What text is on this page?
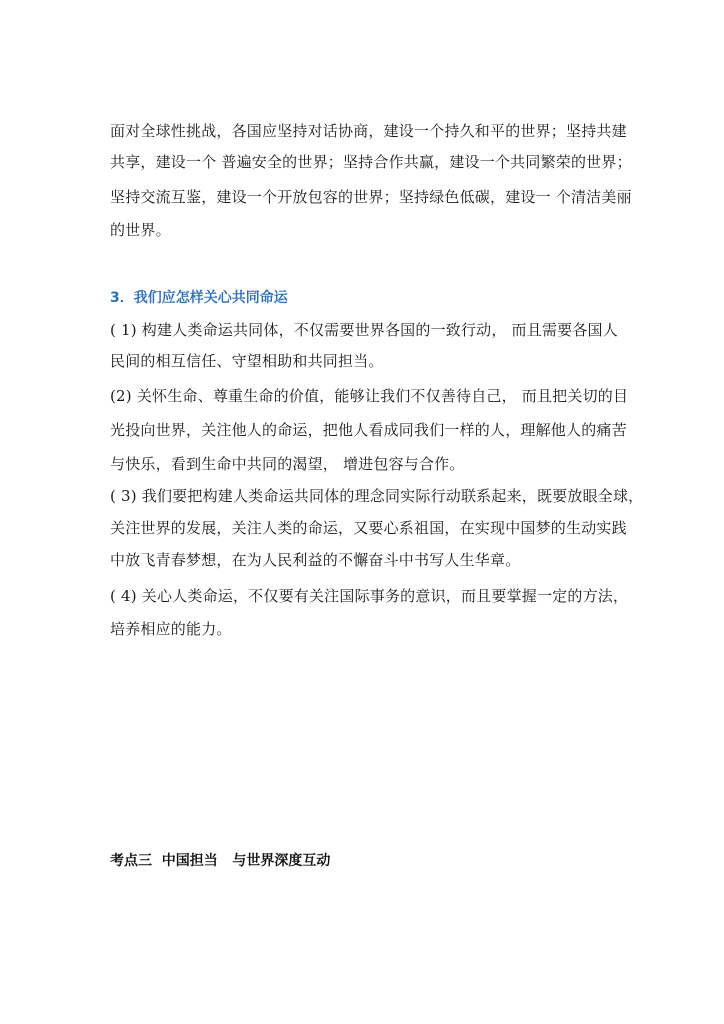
面对全球性挑战，各国应坚持对话协商，建设一个持久和平的世界；坚持共建
共享，建设一个 普遍安全的世界；坚持合作共赢，建设一个共同繁荣的世界；
坚持交流互鉴，建设一个开放包容的世界；坚持绿色低碳，建设一 个清洁美丽
的世界。
3．我们应怎样关心共同命运
( 1) 构建人类命运共同体，不仅需要世界各国的一致行动， 而且需要各国人
民间的相互信任、守望相助和共同担当。
(2) 关怀生命、尊重生命的价值，能够让我们不仅善待自己， 而且把关切的目
光投向世界，关注他人的命运，把他人看成同我们一样的人，理解他人的痛苦
与快乐，看到生命中共同的渴望， 增进包容与合作。
( 3) 我们要把构建人类命运共同体的理念同实际行动联系起来，既要放眼全球，
关注世界的发展，关注人类的命运，又要心系祖国，在实现中国梦的生动实践
中放飞青春梦想，在为人民利益的不懈奋斗中书写人生华章。
( 4) 关心人类命运，不仅要有关注国际事务的意识，而且要掌握一定的方法，
培养相应的能力。
考点三  中国担当   与世界深度互动
